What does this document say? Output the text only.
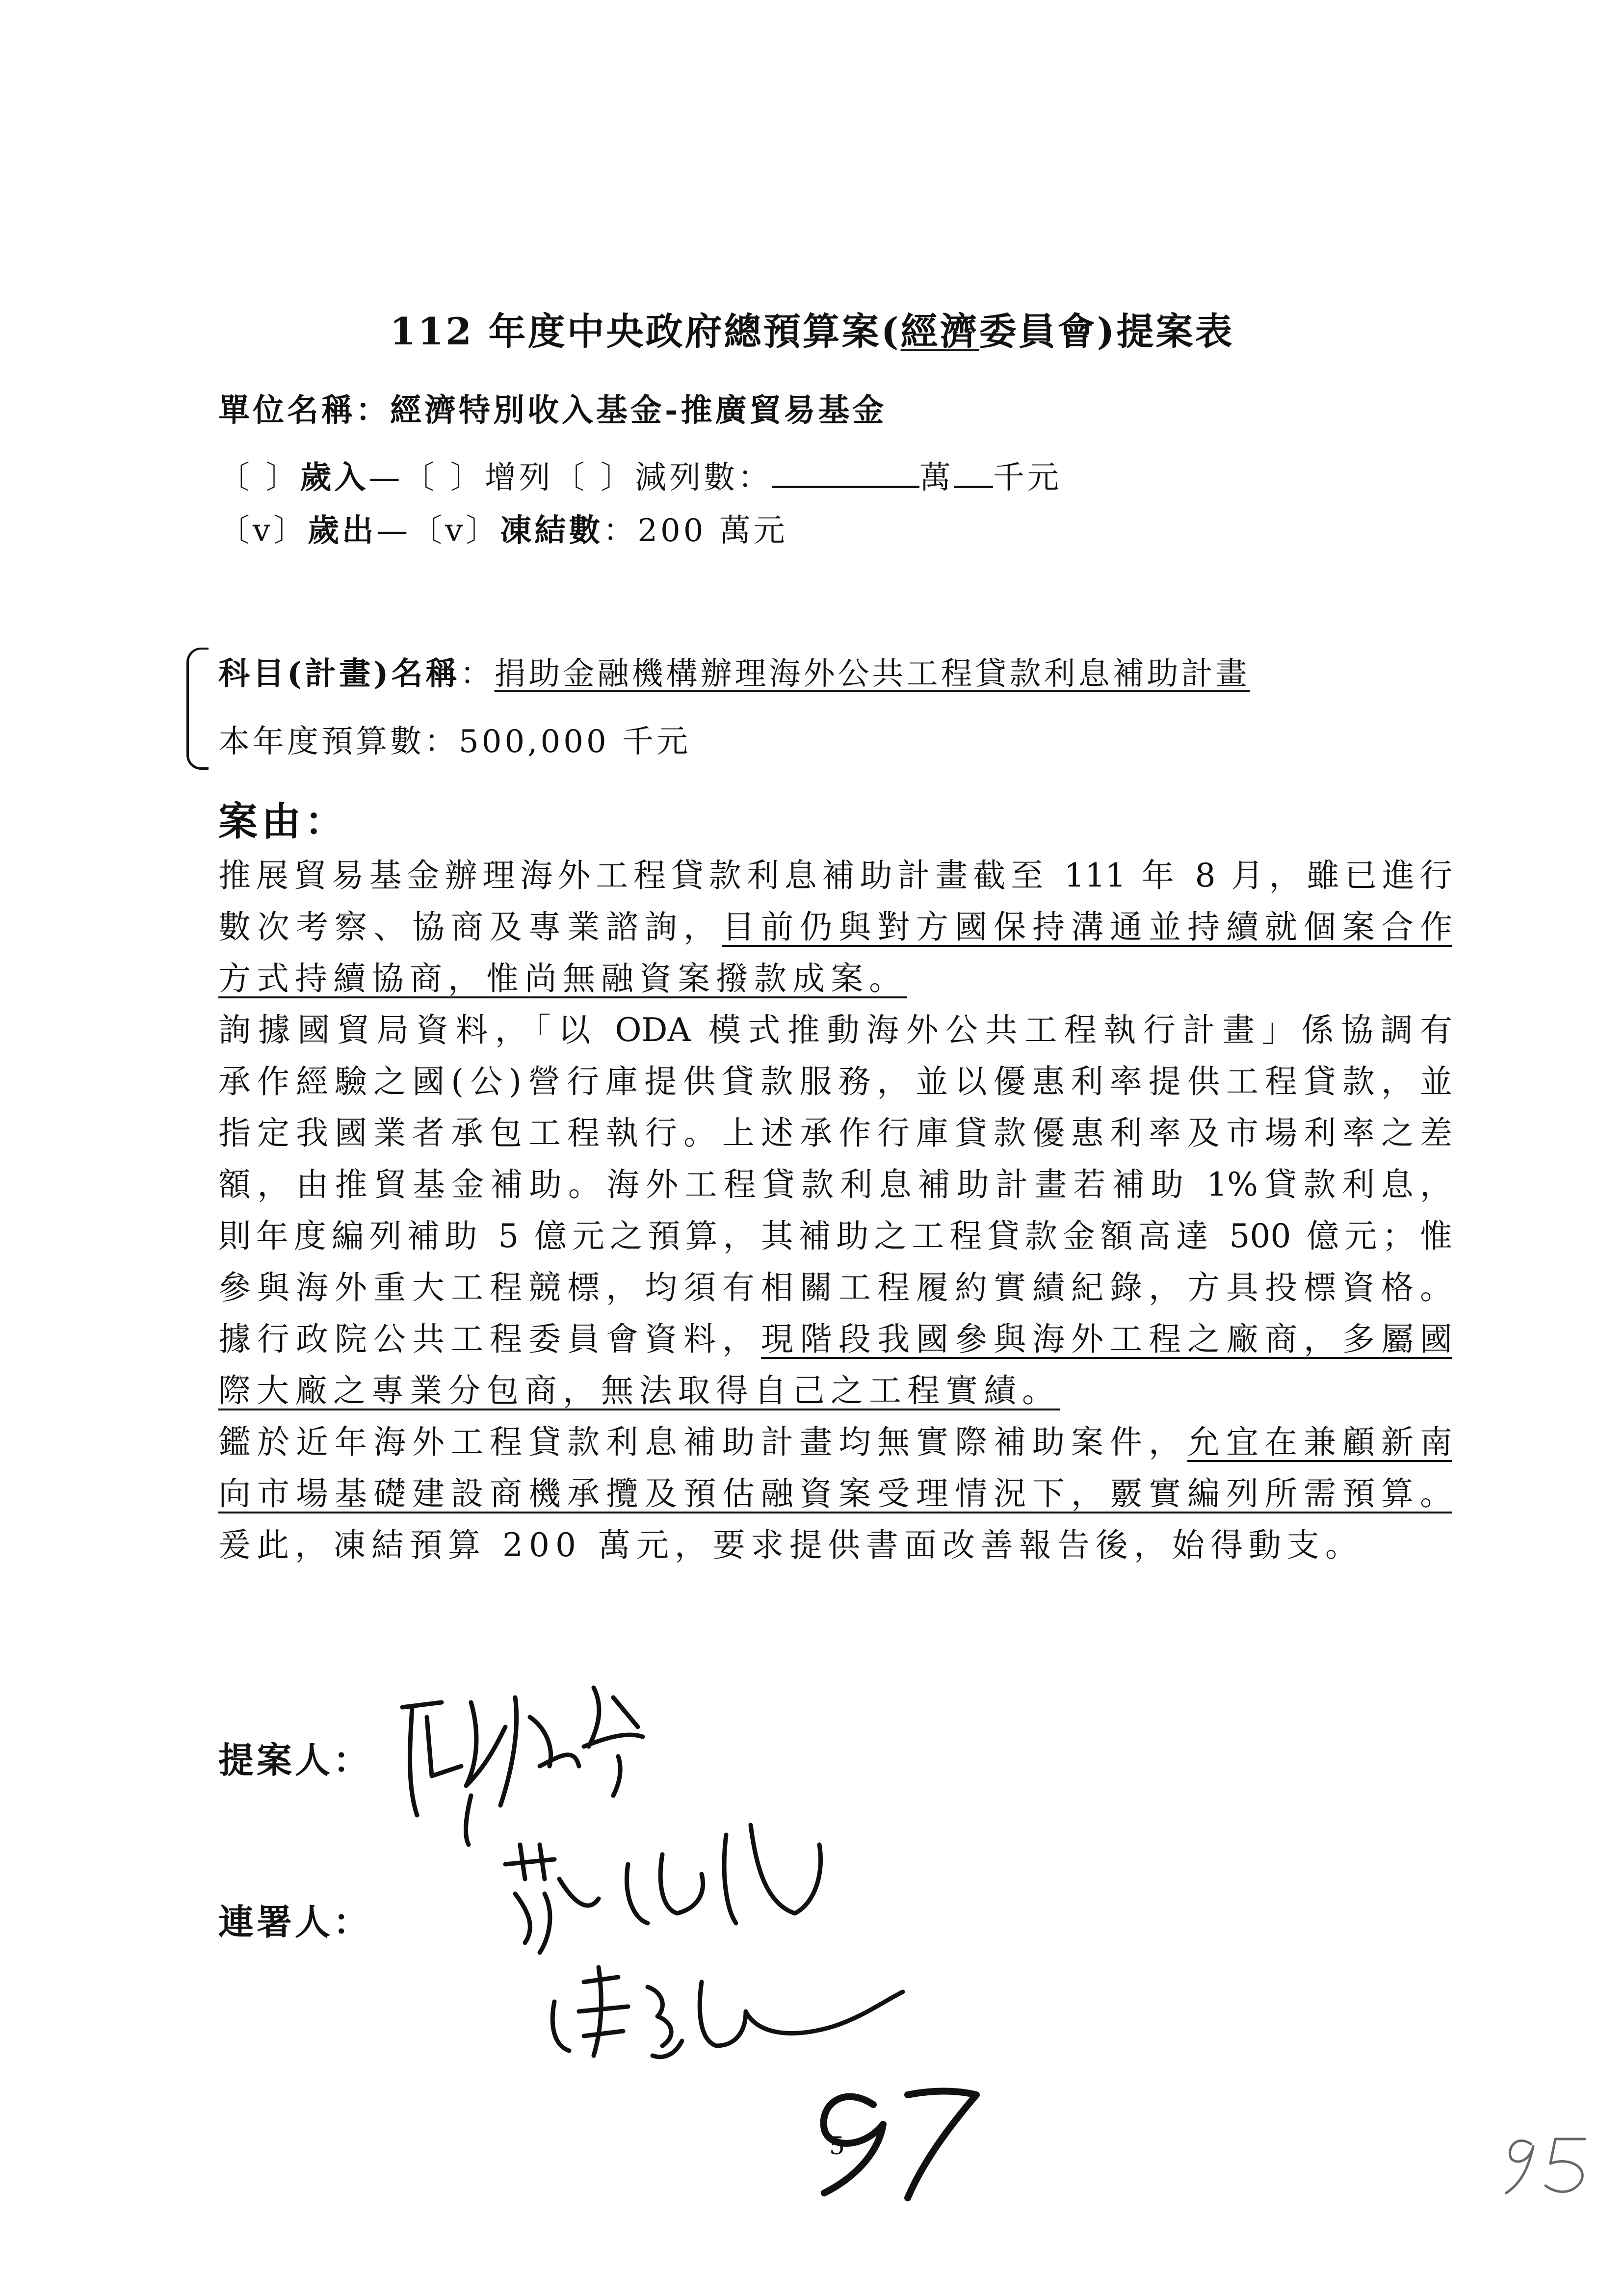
112 年度中央政府總預算案(經濟委員會)提案表
單位名稱：經濟特別收入基金-推廣貿易基金
〔 〕歲入—〔 〕增列〔 〕減列數：	萬 千元
〔v〕歲出—〔v〕凍結數：200 萬元
科目(計畫)名稱：捐助金融機構辦理海外公共工程貸款利息補助計畫
本年度預算數：500,000 千元
案由：
推展貿易基金辦理海外工程貸款利息補助計畫截至 111 年 8 月，雖已進行
數次考察、協商及專業諮詢，目前仍與對方國保持溝通並持續就個案合作
方式持續協商，惟尚無融資案撥款成案。
詢據國貿局資料，「以 ODA 模式推動海外公共工程執行計畫」係協調有
承作經驗之國(公)營行庫提供貸款服務，並以優惠利率提供工程貸款，並
指定我國業者承包工程執行。上述承作行庫貸款優惠利率及市場利率之差
額，由推貿基金補助。海外工程貸款利息補助計畫若補助 1%貸款利息，
則年度編列補助 5 億元之預算，其補助之工程貸款金額高達 500 億元；惟
參與海外重大工程競標，均須有相關工程履約實績紀錄，方具投標資格。
據行政院公共工程委員會資料，現階段我國參與海外工程之廠商，多屬國
際大廠之專業分包商，無法取得自己之工程實績。
鑑於近年海外工程貸款利息補助計畫均無實際補助案件，允宜在兼顧新南
向市場基礎建設商機承攬及預估融資案受理情況下，覈實編列所需預算。
爰此，凍結預算 200 萬元，要求提供書面改善報告後，始得動支。
提案人：
連署人：
5
